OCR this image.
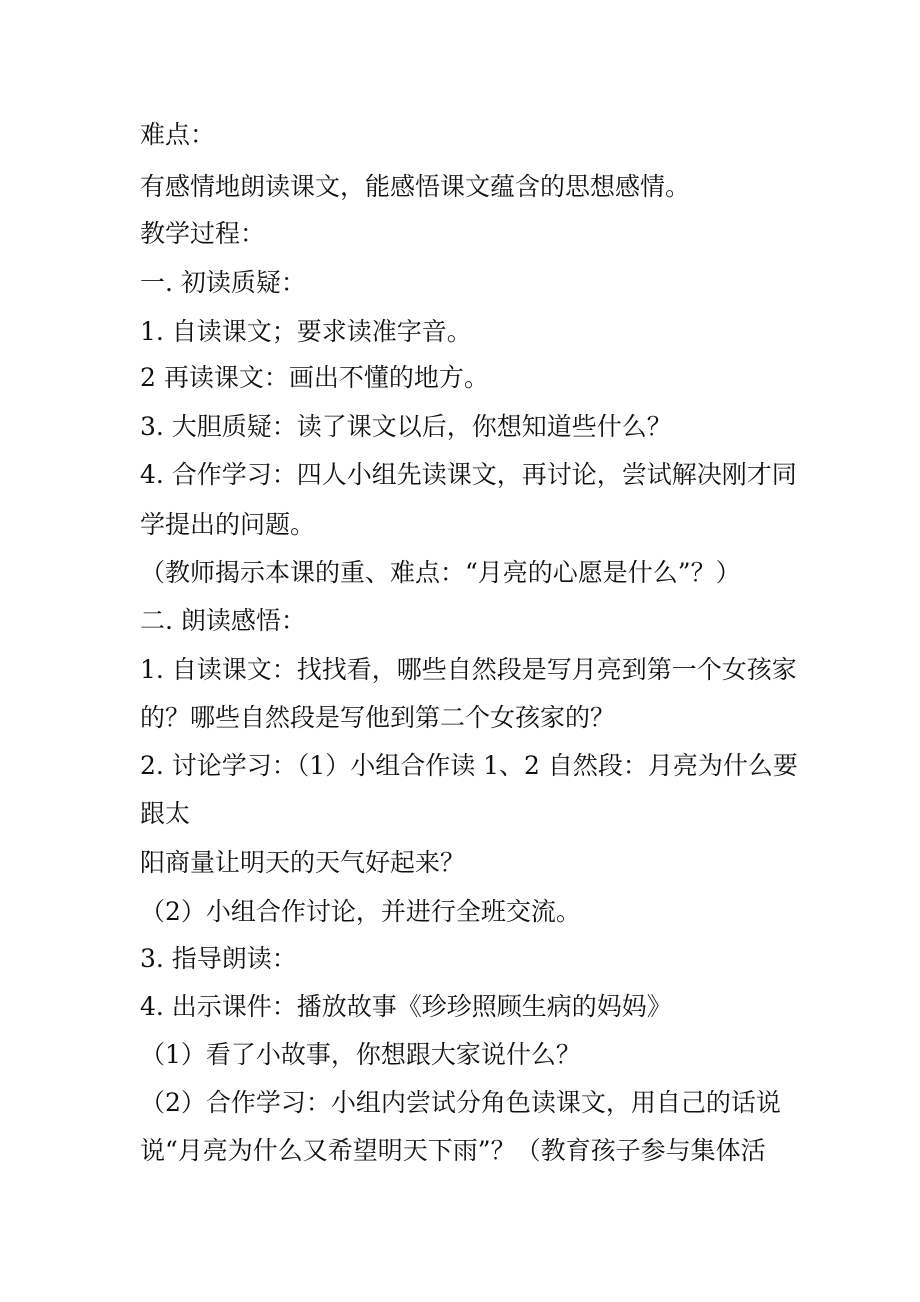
难点：

有感情地朗读课文，能感悟课文蕴含的思想感情。

教学过程：

一. 初读质疑：

1. 自读课文；要求读准字音。

2 再读课文：画出不懂的地方。

3. 大胆质疑：读了课文以后，你想知道些什么？

4. 合作学习：四人小组先读课文，再讨论，尝试解决刚才同

学提出的问题。

（教师揭示本课的重、难点：“月亮的心愿是什么”？）

二. 朗读感悟：

1. 自读课文：找找看，哪些自然段是写月亮到第一个女孩家

的？哪些自然段是写他到第二个女孩家的？

2. 讨论学习：（1）小组合作读 1、2 自然段：月亮为什么要

跟太

阳商量让明天的天气好起来？

（2）小组合作讨论，并进行全班交流。

3. 指导朗读：

4. 出示课件：播放故事《珍珍照顾生病的妈妈》

（1）看了小故事，你想跟大家说什么？

（2）合作学习：小组内尝试分角色读课文，用自己的话说

说“月亮为什么又希望明天下雨”？（教育孩子参与集体活
